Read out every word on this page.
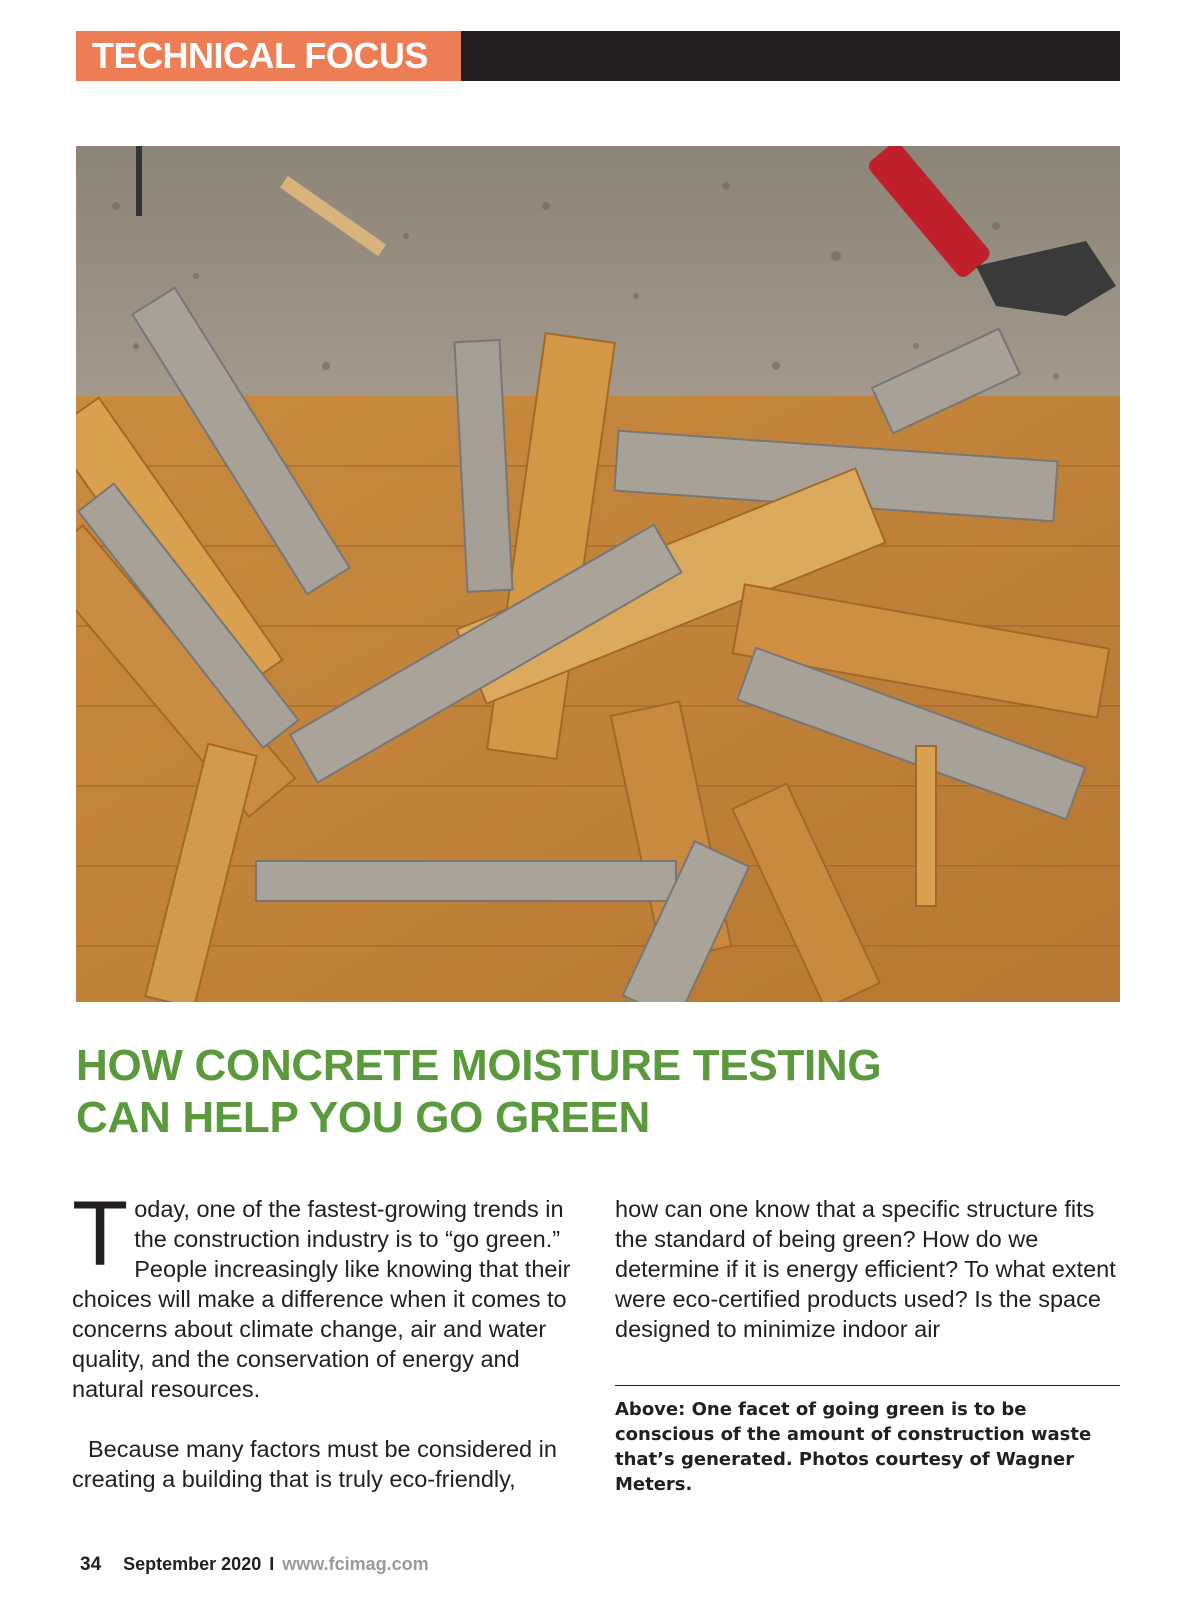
TECHNICAL FOCUS
HOW CONCRETE MOISTURE TESTING
CAN HELP YOU GO GREEN

Today, one of the fastest-growing trends in the construction industry is to “go green.” People increasingly like knowing that their choices will make a difference when it comes to concerns about climate change, air and water quality, and the conservation of energy and natural resources.

Because many factors must be considered in creating a building that is truly eco-friendly,

how can one know that a specific structure fits the standard of being green? How do we determine if it is energy efficient? To what extent were eco-certified products used? Is the space designed to minimize indoor air

Above: One facet of going green is to be conscious of the amount of construction waste that’s generated. Photos courtesy of Wagner Meters.

34 September 2020 I www.fcimag.com
